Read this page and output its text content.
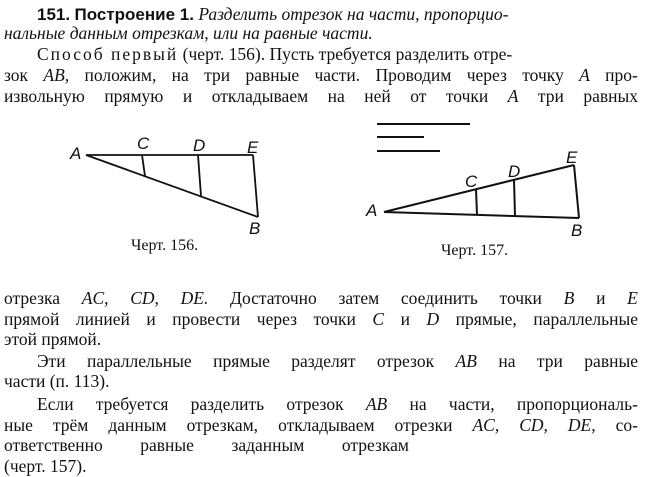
151. Построение 1. Разделить отрезок на части, пропорцио-
нальные данным отрезкам, или на равные части.
Способ первый (черт. 156). Пусть требуется разделить отре-
зок AB, положим, на три равные части. Проводим через точку A про-
извольную прямую и откладываем на ней от точки A три равных
A
C	D E
B
Черт. 156.
A
C
D
E
B
Черт. 157.
отрезка AC, CD, DE. Достаточно затем соединить точки B и E
прямой линией и провести через точки C и D прямые, параллельные
этой прямой.
Эти параллельные прямые разделят отрезок AB на три равные
части (п. 113).
Если требуется разделить отрезок AB на части, пропорциональ-
ные трём данным отрезкам, откладываем отрезки AC, CD, DE, со-
ответственно равные заданным отрезкам
(черт. 157).
